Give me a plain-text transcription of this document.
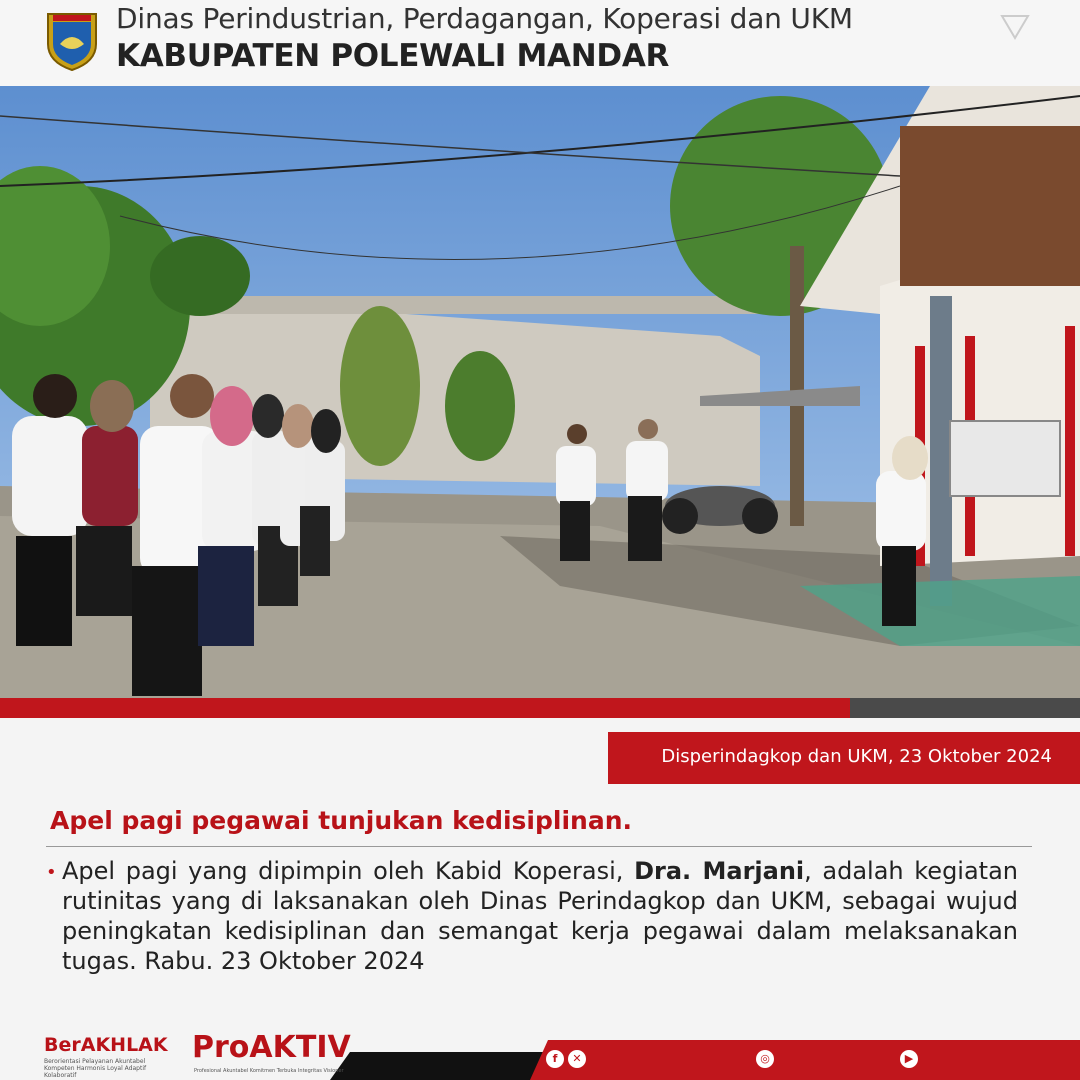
Dinas Perindustrian, Perdagangan, Koperasi dan UKM
KABUPATEN POLEWALI MANDAR
Disperindagkop dan UKM, 23 Oktober 2024
Apel pagi pegawai tunjukan kedisiplinan.
• Apel pagi yang dipimpin oleh Kabid Koperasi, Dra. Marjani, adalah kegiatan rutinitas yang di laksanakan oleh Dinas Perindagkop dan UKM, sebagai wujud peningkatan kedisiplinan dan semangat kerja pegawai dalam melaksanakan tugas. Rabu. 23 Oktober 2024
BerAKHLAK
Berorientasi Pelayanan Akuntabel Kompeten Harmonis Loyal Adaptif Kolaboratif
ProAKTIV
Profesional Akuntabel Komitmen Terbuka Integritas Visioner
f	✕	◎	▶
